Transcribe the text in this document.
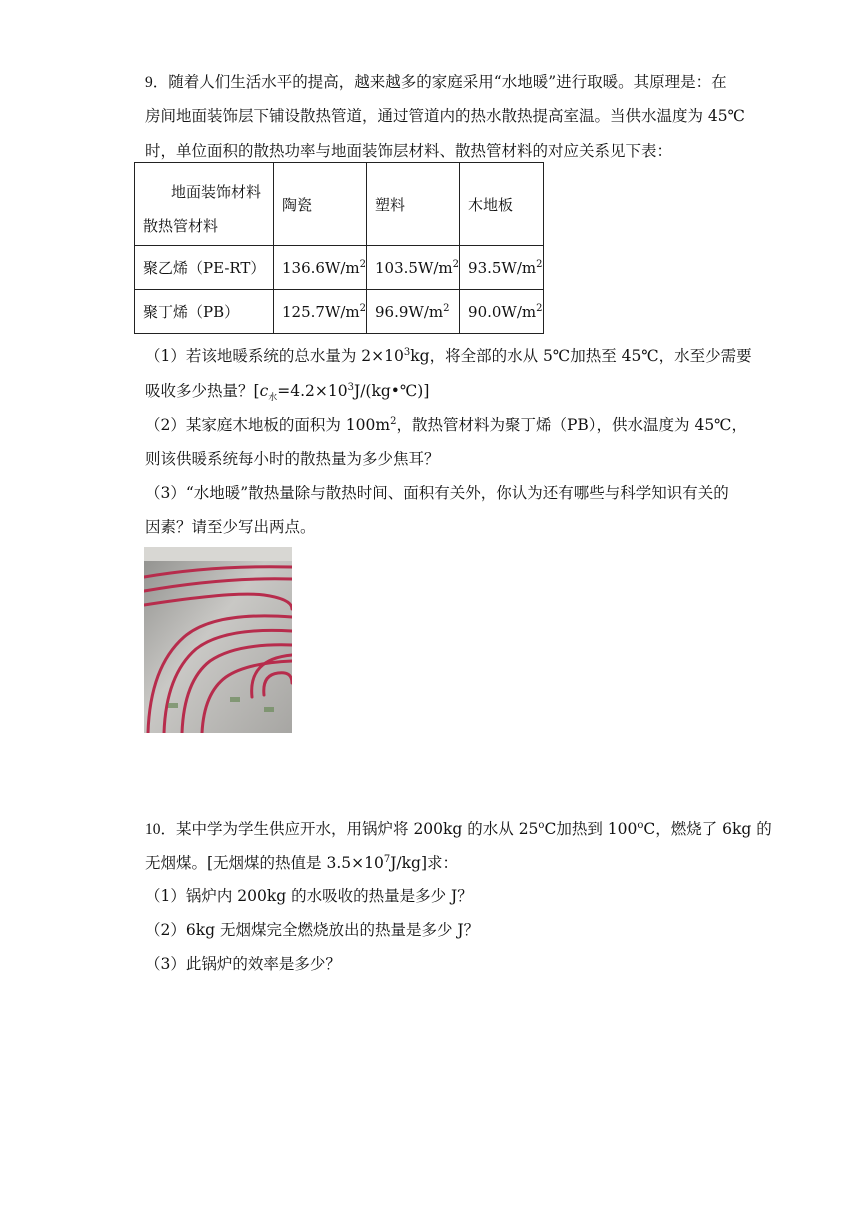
9．随着人们生活水平的提高，越来越多的家庭采用“水地暖”进行取暖。其原理是：在
房间地面装饰层下铺设散热管道，通过管道内的热水散热提高室温。当供水温度为 45℃
时，单位面积的散热功率与地面装饰层材料、散热管材料的对应关系见下表：
地面装饰材料
散热管材料	陶瓷	塑料	木地板
聚乙烯（PE-RT）	$136.6W/m^2$	$103.5W/m^2$	$93.5W/m^2$
聚丁烯（PB）	$125.7W/m^2$	$96.9W/m^2$	$90.0W/m^2$
（1）若该地暖系统的总水量为 $2\times 10^3kg$，将全部的水从 5℃加热至 45℃，水至少需要
吸收多少热量？$[c_水=4.2\times 10^3J/(kg•℃)]$
（2）某家庭木地板的面积为 $100m^2$，散热管材料为聚丁烯（PB），供水温度为 45℃，
则该供暖系统每小时的散热量为多少焦耳？
（3）“水地暖”散热量除与散热时间、面积有关外，你认为还有哪些与科学知识有关的
因素？请至少写出两点。
10．某中学为学生供应开水，用锅炉将 200kg 的水从 25$^o$C加热到 100$^o$C，燃烧了 6kg 的
无烟煤。[无烟煤的热值是 $3.5\times 10^7J/kg$]求：
（1）锅炉内 200kg 的水吸收的热量是多少 J？
（2）6kg 无烟煤完全燃烧放出的热量是多少 J？
（3）此锅炉的效率是多少？
